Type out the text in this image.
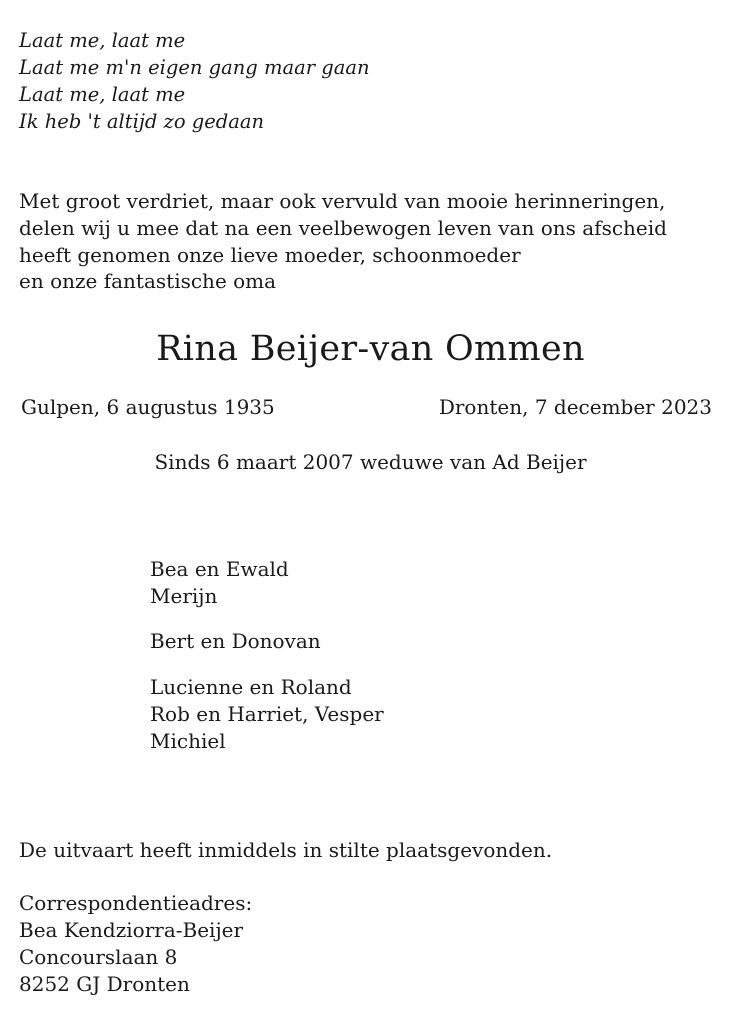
Laat me, laat me
Laat me m'n eigen gang maar gaan
Laat me, laat me
Ik heb 't altijd zo gedaan
Met groot verdriet, maar ook vervuld van mooie herinneringen,
delen wij u mee dat na een veelbewogen leven van ons afscheid
heeft genomen onze lieve moeder, schoonmoeder
en onze fantastische oma
Rina Beijer-van Ommen
Gulpen, 6 augustus 1935	Dronten, 7 december 2023
Sinds 6 maart 2007 weduwe van Ad Beijer
Bea en Ewald
Merijn
Bert en Donovan
Lucienne en Roland
Rob en Harriet, Vesper
Michiel
De uitvaart heeft inmiddels in stilte plaatsgevonden.
Correspondentieadres:
Bea Kendziorra-Beijer
Concourslaan 8
8252 GJ Dronten
